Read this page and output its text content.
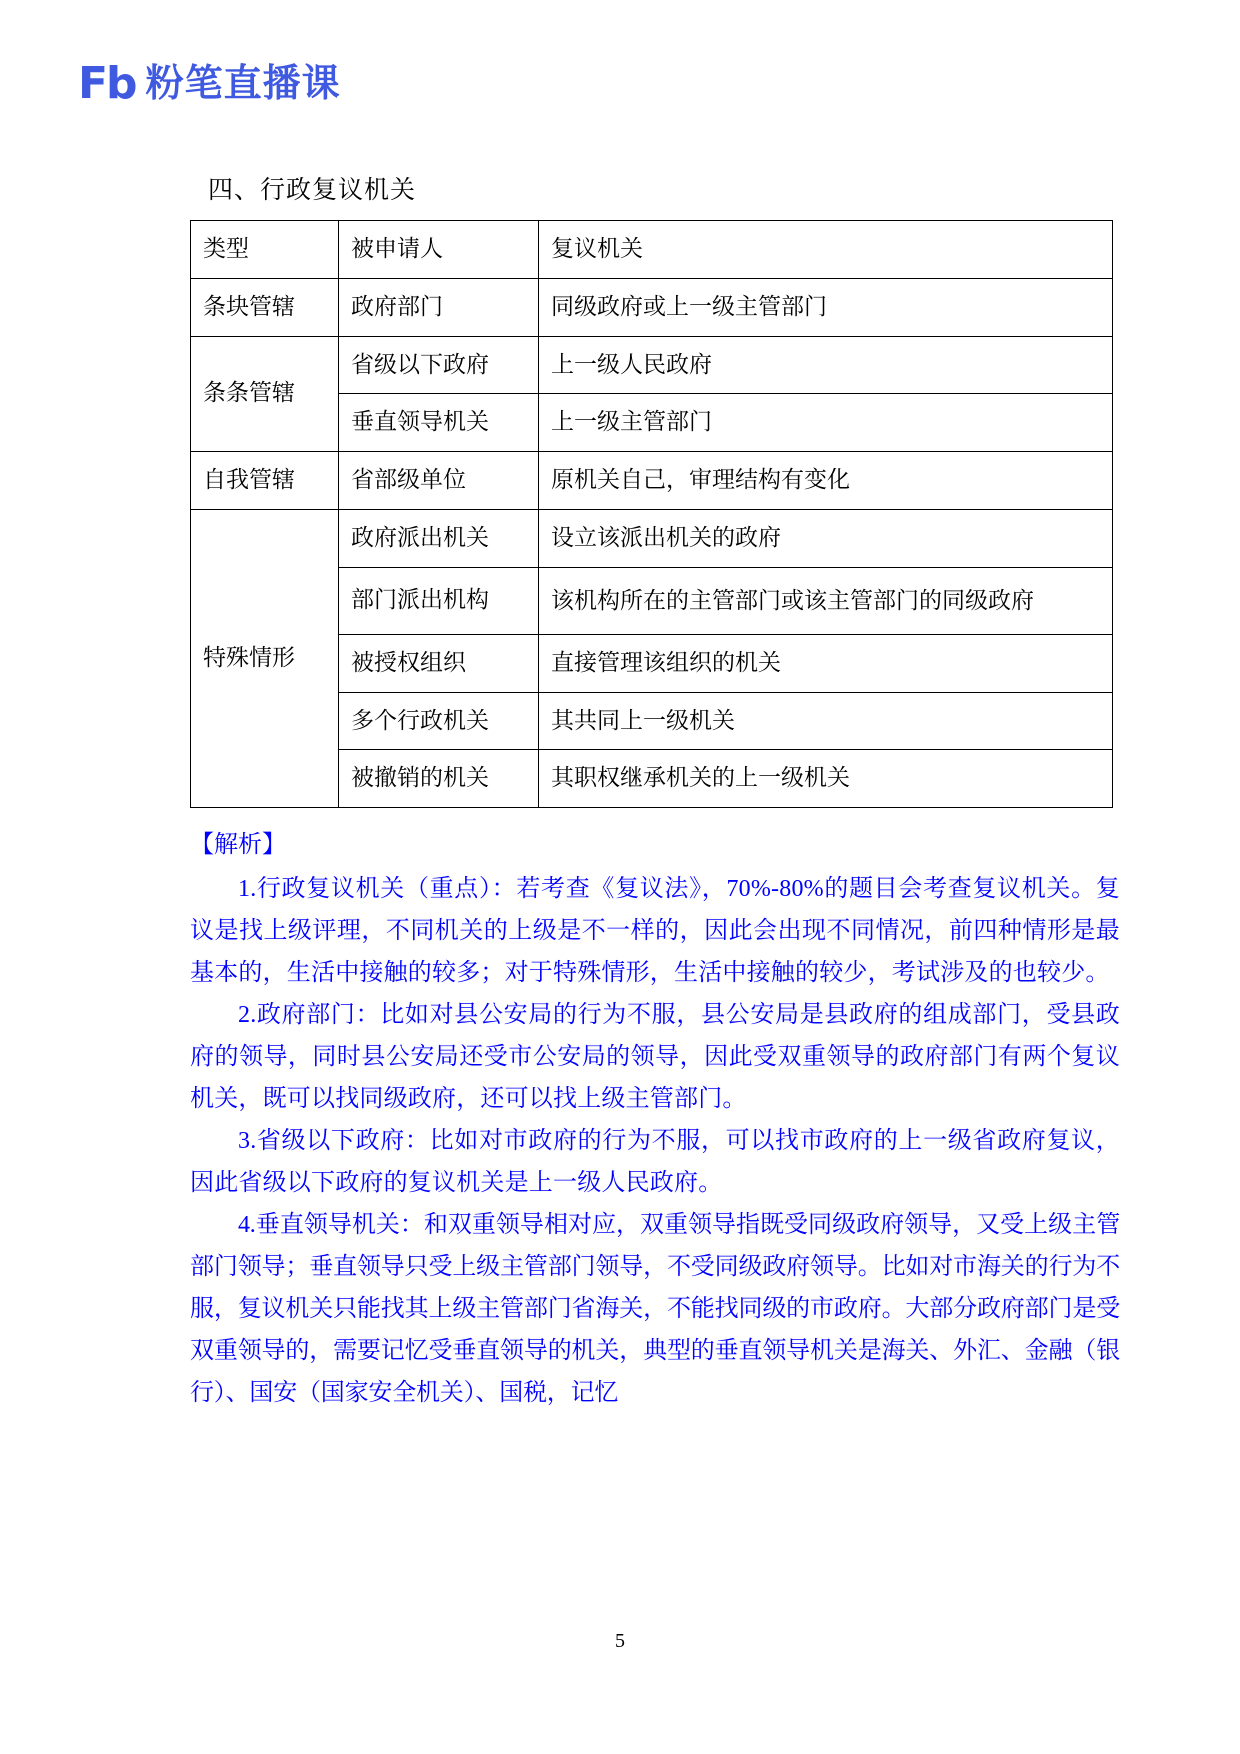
Fb 粉笔直播课
四、行政复议机关
类型	被申请人	复议机关
条块管辖	政府部门	同级政府或上一级主管部门
条条管辖	省级以下政府	上一级人民政府
	垂直领导机关	上一级主管部门
自我管辖	省部级单位	原机关自己，审理结构有变化
特殊情形	政府派出机关	设立该派出机关的政府
	部门派出机构	该机构所在的主管部门或该主管部门的同级政府
	被授权组织	直接管理该组织的机关
	多个行政机关	其共同上一级机关
	被撤销的机关	其职权继承机关的上一级机关
【解析】

1.行政复议机关（重点）：若考查《复议法》，70%-80%的题目会考查复议机关。复议是找上级评理，不同机关的上级是不一样的，因此会出现不同情况，前四种情形是最基本的，生活中接触的较多；对于特殊情形，生活中接触的较少，考试涉及的也较少。

2.政府部门：比如对县公安局的行为不服，县公安局是县政府的组成部门，受县政府的领导，同时县公安局还受市公安局的领导，因此受双重领导的政府部门有两个复议机关，既可以找同级政府，还可以找上级主管部门。

3.省级以下政府：比如对市政府的行为不服，可以找市政府的上一级省政府复议，因此省级以下政府的复议机关是上一级人民政府。

4.垂直领导机关：和双重领导相对应，双重领导指既受同级政府领导，又受上级主管部门领导；垂直领导只受上级主管部门领导，不受同级政府领导。比如对市海关的行为不服，复议机关只能找其上级主管部门省海关，不能找同级的市政府。大部分政府部门是受双重领导的，需要记忆受垂直领导的机关，典型的垂直领导机关是海关、外汇、金融（银行）、国安（国家安全机关）、国税，记忆

5
